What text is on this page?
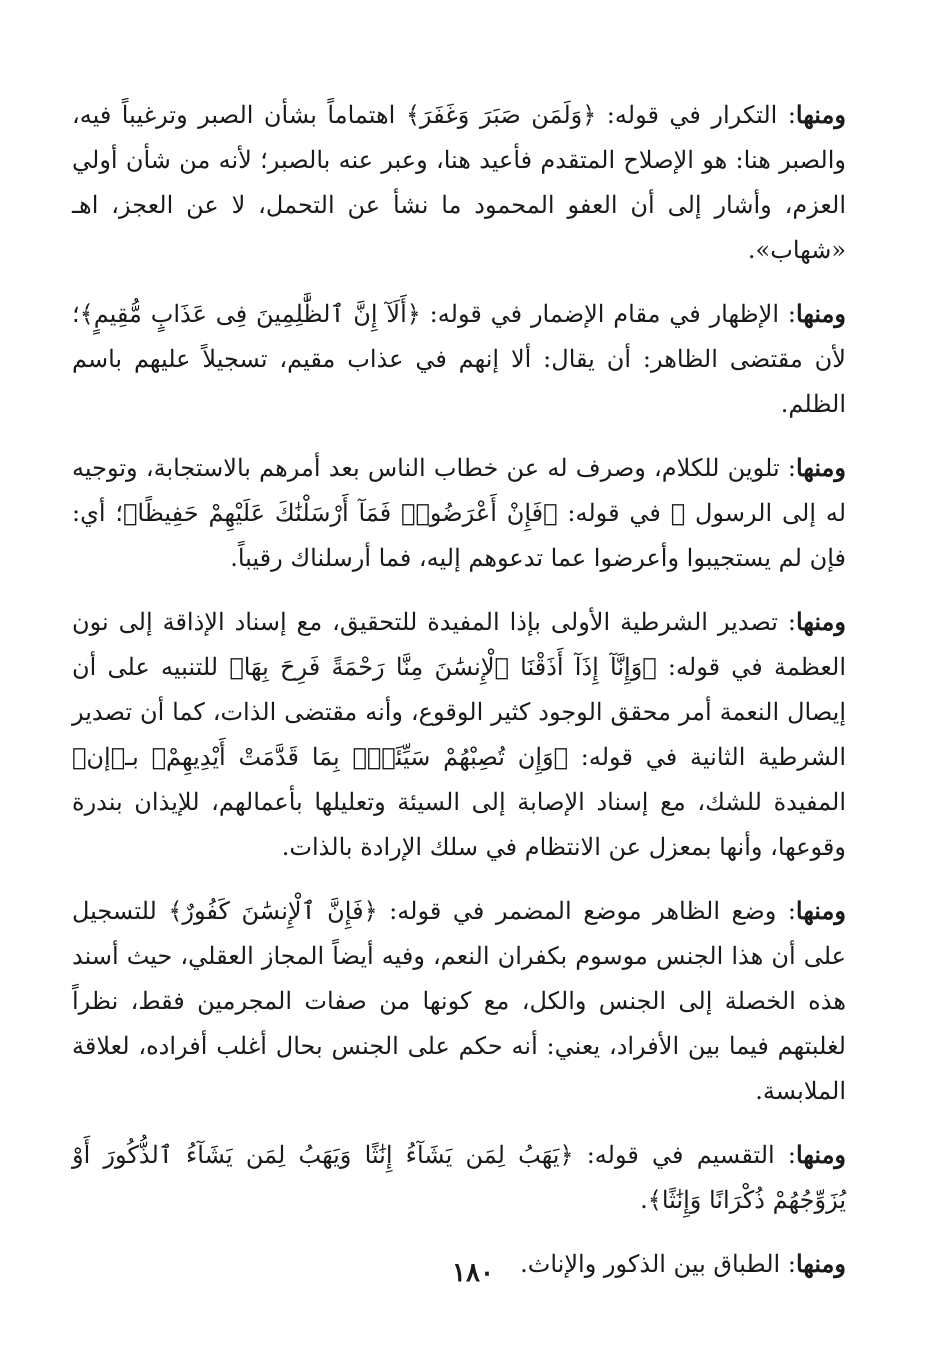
ومنها: التكرار في قوله: ﴿وَلَمَن صَبَرَ وَغَفَرَ﴾ اهتماماً بشأن الصبر وترغيباً فيه، والصبر هنا: هو الإصلاح المتقدم فأعيد هنا، وعبر عنه بالصبر؛ لأنه من شأن أولي العزم، وأشار إلى أن العفو المحمود ما نشأ عن التحمل، لا عن العجز، اهـ «شهاب».

ومنها: الإظهار في مقام الإضمار في قوله: ﴿أَلَآ إِنَّ ٱلظَّٰلِمِينَ فِى عَذَابٍ مُّقِيمٍ﴾؛ لأن مقتضى الظاهر: أن يقال: ألا إنهم في عذاب مقيم، تسجيلاً عليهم باسم الظلم.

ومنها: تلوين للكلام، وصرف له عن خطاب الناس بعد أمرهم بالاستجابة، وتوجيه له إلى الرسول ﷺ في قوله: ﴿فَإِنْ أَعْرَضُوا۟ فَمَآ أَرْسَلْنَٰكَ عَلَيْهِمْ حَفِيظًا﴾؛ أي: فإن لم يستجيبوا وأعرضوا عما تدعوهم إليه، فما أرسلناك رقيباً.

ومنها: تصدير الشرطية الأولى بإذا المفيدة للتحقيق، مع إسناد الإذاقة إلى نون العظمة في قوله: ﴿وَإِنَّآ إِذَآ أَذَقْنَا ٱلْإِنسَٰنَ مِنَّا رَحْمَةً فَرِحَ بِهَا﴾ للتنبيه على أن إيصال النعمة أمر محقق الوجود كثير الوقوع، وأنه مقتضى الذات، كما أن تصدير الشرطية الثانية في قوله: ﴿وَإِن تُصِبْهُمْ سَيِّئَةٌۢ بِمَا قَدَّمَتْ أَيْدِيهِمْ﴾ بـ﴿إن﴾ المفيدة للشك، مع إسناد الإصابة إلى السيئة وتعليلها بأعمالهم، للإيذان بندرة وقوعها، وأنها بمعزل عن الانتظام في سلك الإرادة بالذات.

ومنها: وضع الظاهر موضع المضمر في قوله: ﴿فَإِنَّ ٱلْإِنسَٰنَ كَفُورٌ﴾ للتسجيل على أن هذا الجنس موسوم بكفران النعم، وفيه أيضاً المجاز العقلي، حيث أسند هذه الخصلة إلى الجنس والكل، مع كونها من صفات المجرمين فقط، نظراً لغلبتهم فيما بين الأفراد، يعني: أنه حكم على الجنس بحال أغلب أفراده، لعلاقة الملابسة.

ومنها: التقسيم في قوله: ﴿يَهَبُ لِمَن يَشَآءُ إِنَٰثًا وَيَهَبُ لِمَن يَشَآءُ ٱلذُّكُورَ أَوْ يُزَوِّجُهُمْ ذُكْرَانًا وَإِنَٰثًا﴾.

ومنها: الطباق بين الذكور والإناث.

١٨٠
